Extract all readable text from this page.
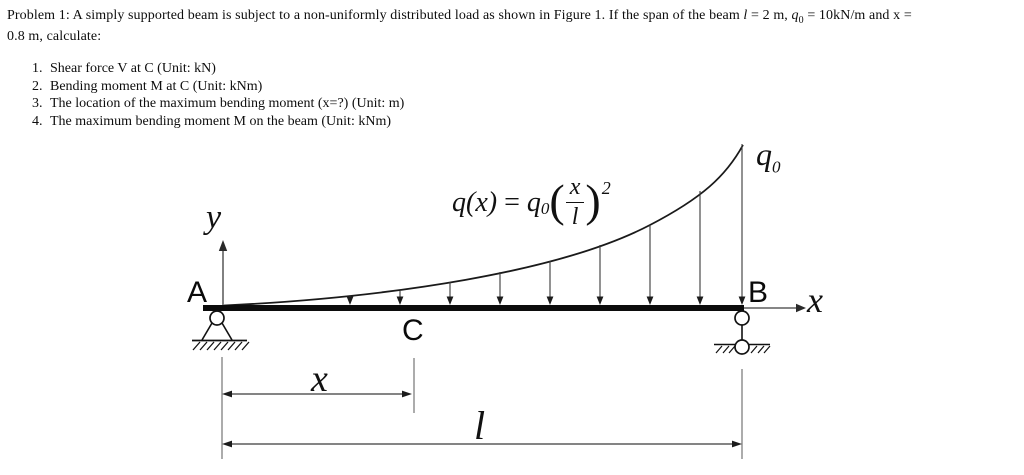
Problem 1: A simply supported beam is subject to a non-uniformly distributed load as shown in Figure 1. If the span of the beam l = 2 m, $q_0 = 10kN/m$ and x =
0.8 m, calculate:
1. Shear force V at C (Unit: kN)
2. Bending moment M at C (Unit: kNm)
3. The location of the maximum bending moment (x=?) (Unit: m)
4. The maximum bending moment M on the beam (Unit: kNm)
y
x
A	B
C
$q_0$
x
l
$q(x) = q_0$ ( $\frac{x}{l} )^2$
